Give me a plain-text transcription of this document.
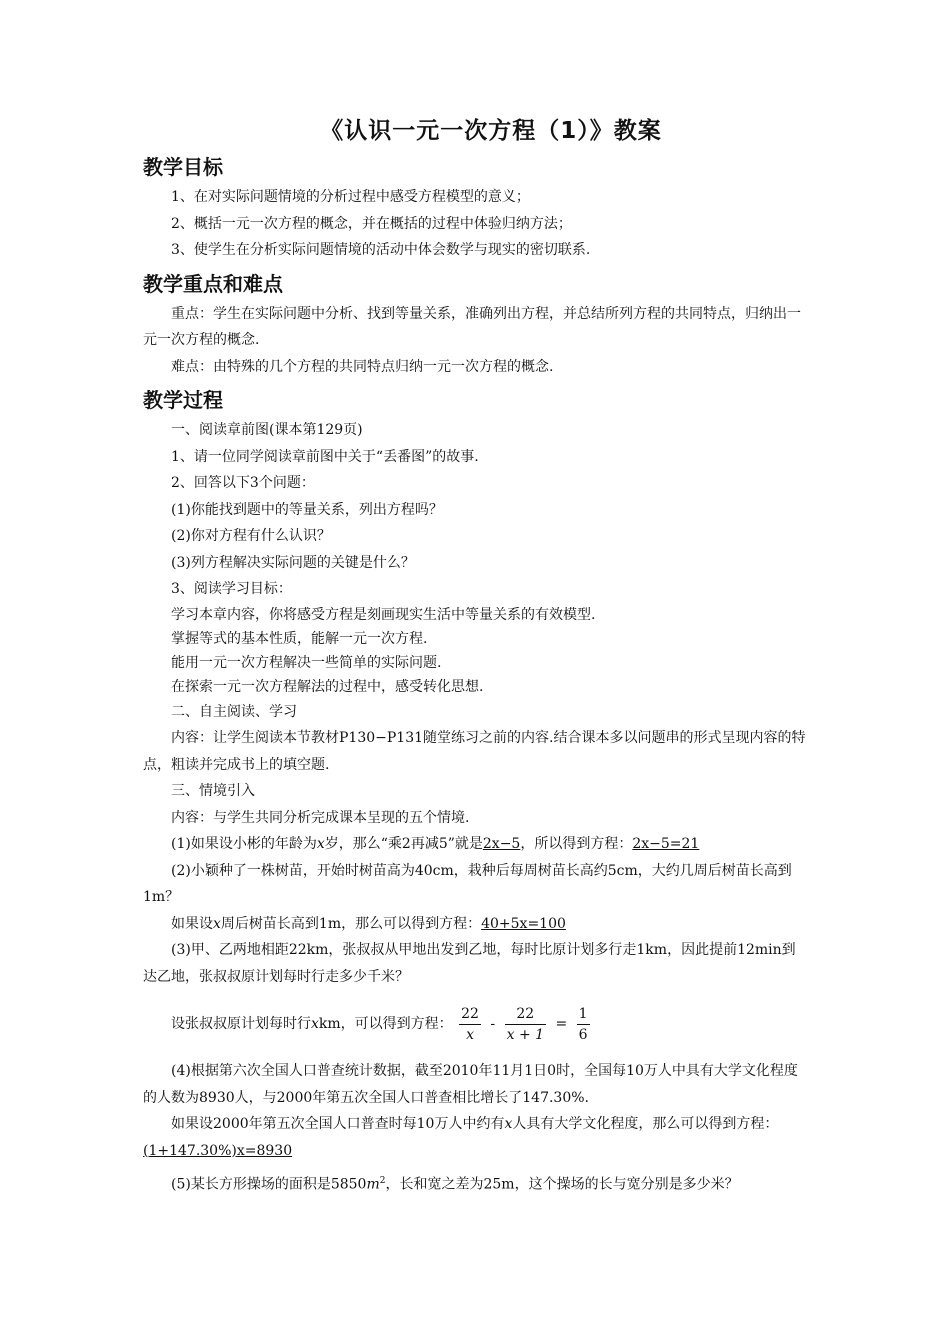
《认识一元一次方程（1）》教案
教学目标

1、在对实际问题情境的分析过程中感受方程模型的意义；

2、概括一元一次方程的概念，并在概括的过程中体验归纳方法；

3、使学生在分析实际问题情境的活动中体会数学与现实的密切联系.

教学重点和难点

重点：学生在实际问题中分析、找到等量关系，准确列出方程，并总结所列方程的共同特点，归纳出一元一次方程的概念.

难点：由特殊的几个方程的共同特点归纳一元一次方程的概念.

教学过程

一、阅读章前图(课本第129页)

1、请一位同学阅读章前图中关于“丢番图”的故事.

2、回答以下3个问题：

(1)你能找到题中的等量关系，列出方程吗？

(2)你对方程有什么认识？

(3)列方程解决实际问题的关键是什么？

3、阅读学习目标：

学习本章内容，你将感受方程是刻画现实生活中等量关系的有效模型.

掌握等式的基本性质，能解一元一次方程.

能用一元一次方程解决一些简单的实际问题.

在探索一元一次方程解法的过程中，感受转化思想.

二、自主阅读、学习

内容：让学生阅读本节教材P130−P131随堂练习之前的内容.结合课本多以问题串的形式呈现内容的特点，粗读并完成书上的填空题.

三、情境引入

内容：与学生共同分析完成课本呈现的五个情境.

(1)如果设小彬的年龄为x岁，那么“乘2再减5”就是2x−5，所以得到方程：2x−5=21

(2)小颖种了一株树苗，开始时树苗高为40cm，栽种后每周树苗长高约5cm，大约几周后树苗长高到1m？

如果设x周后树苗长高到1m，那么可以得到方程：40+5x=100

(3)甲、乙两地相距22km，张叔叔从甲地出发到乙地，每时比原计划多行走1km，因此提前12min到达乙地，张叔叔原计划每时行走多少千米？

设张叔叔原计划每时行xkm，可以得到方程： $\frac{22}{x} - \frac{22}{x + 1} = \frac{1}{6}$

(4)根据第六次全国人口普查统计数据，截至2010年11月1日0时，全国每10万人中具有大学文化程度的人数为8930人，与2000年第五次全国人口普查相比增长了147.30%.

如果设2000年第五次全国人口普查时每10万人中约有x人具有大学文化程度，那么可以得到方程：(1+147.30%)x=8930

(5)某长方形操场的面积是$5850m^2$，长和宽之差为25m，这个操场的长与宽分别是多少米？
